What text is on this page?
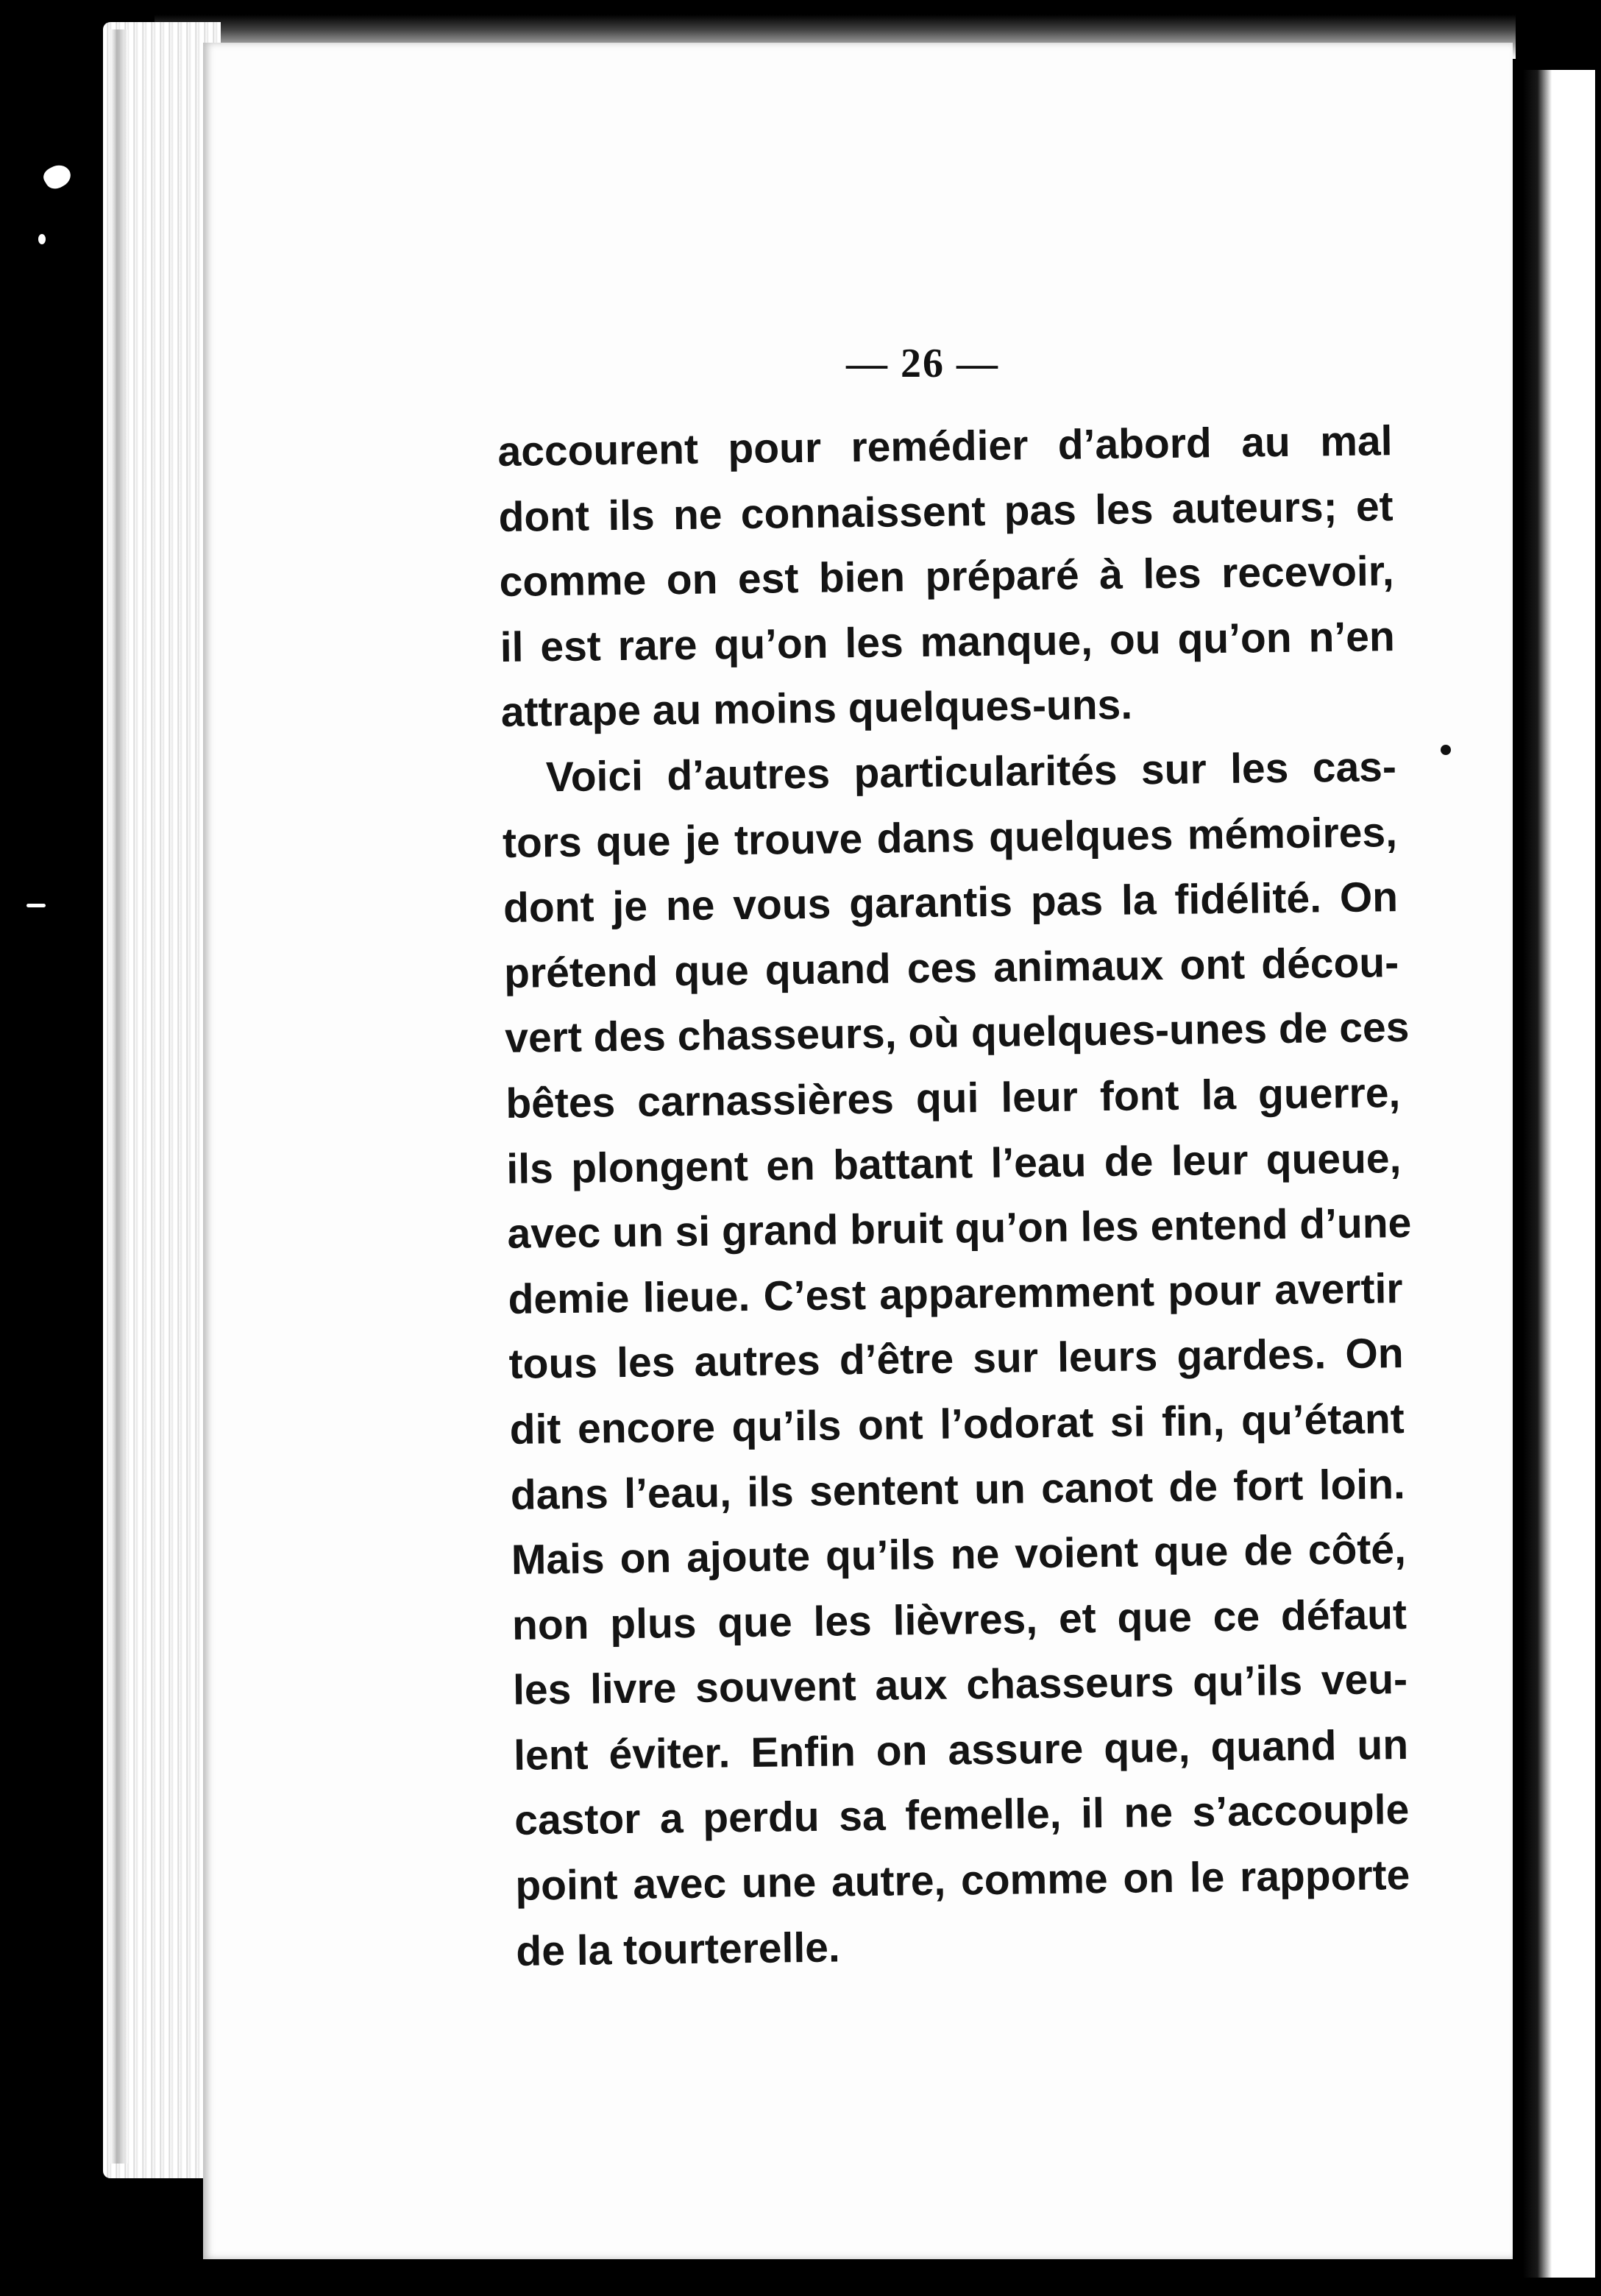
— 26 —
accourent pour remédier d’abord au mal
dont ils ne connaissent pas les auteurs; et
comme on est bien préparé à les recevoir,
il est rare qu’on les manque, ou qu’on n’en
attrape au moins quelques-uns.
Voici d’autres particularités sur les cas-
tors que je trouve dans quelques mémoires,
dont je ne vous garantis pas la fidélité. On
prétend que quand ces animaux ont décou-
vert des chasseurs, où quelques-unes de ces
bêtes carnassières qui leur font la guerre,
ils plongent en battant l’eau de leur queue,
avec un si grand bruit qu’on les entend d’une
demie lieue. C’est apparemment pour avertir
tous les autres d’être sur leurs gardes. On
dit encore qu’ils ont l’odorat si fin, qu’étant
dans l’eau, ils sentent un canot de fort loin.
Mais on ajoute qu’ils ne voient que de côté,
non plus que les lièvres, et que ce défaut
les livre souvent aux chasseurs qu’ils veu-
lent éviter. Enfin on assure que, quand un
castor a perdu sa femelle, il ne s’accouple
point avec une autre, comme on le rapporte
de la tourterelle.
